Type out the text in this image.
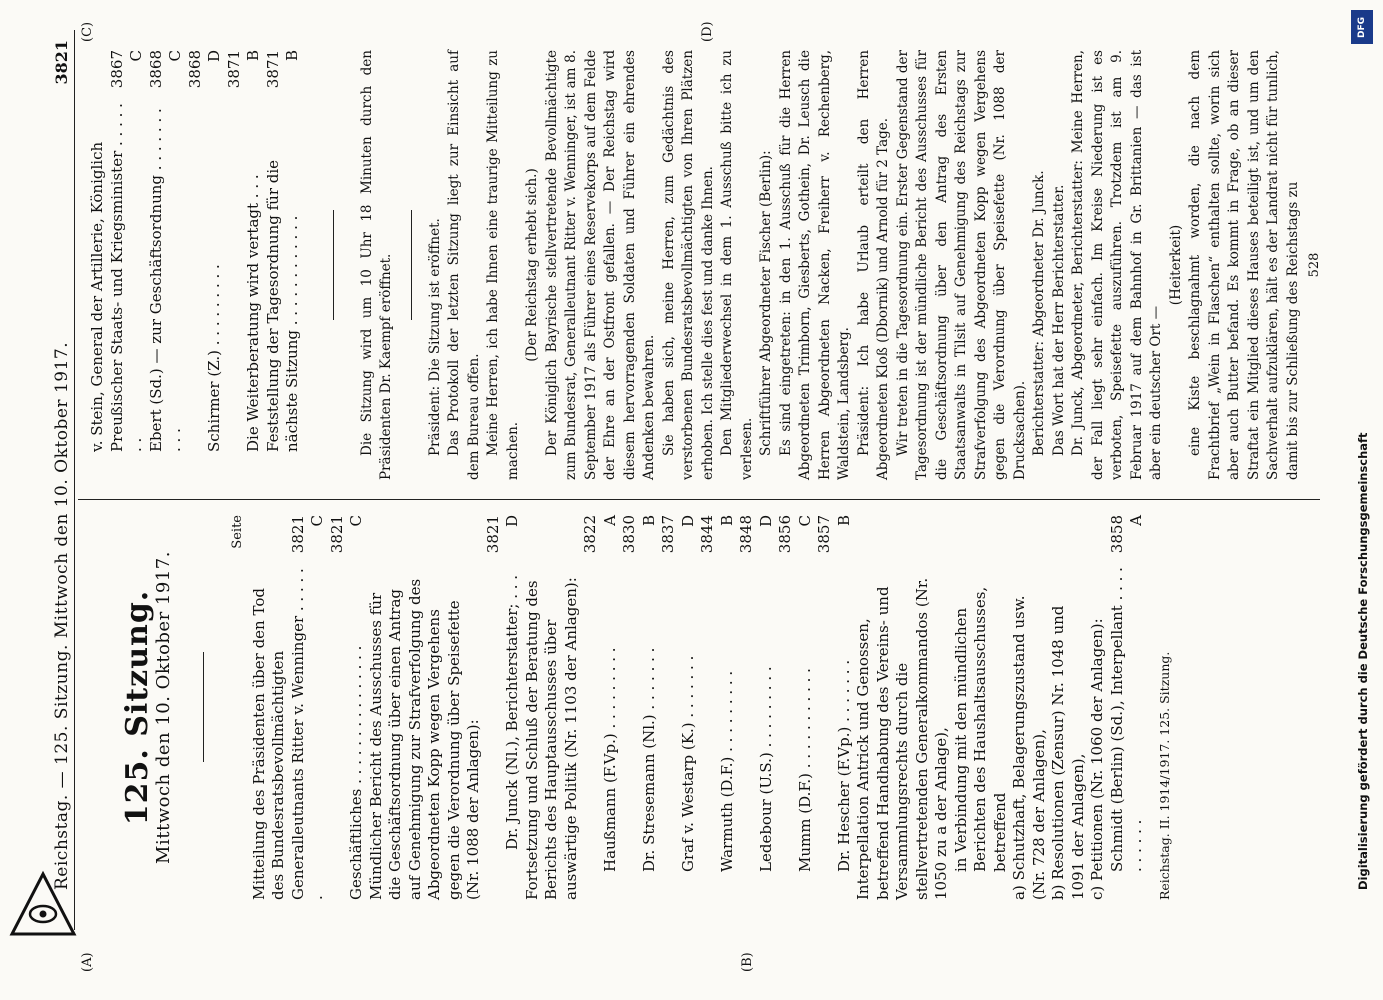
Reichstag. — 125. Sitzung. Mittwoch den 10. Oktober 1917.
3821
(A)	(B)
(C)	(D)
125. Sitzung.
Mittwoch den 10. Oktober 1917.
Seite
Mitteilung des Präsidenten über den Tod des Bundesratsbevollmächtigten Generalleutnants Ritter v. Wenninger . . . . . .
3821 C
Geschäftliches . . . . . . . . . . . . . . .
3821 C
Mündlicher Bericht des Ausschusses für die Geschäftsordnung über einen Antrag auf Genehmigung zur Strafverfolgung des Abgeordneten Kopp wegen Vergehens gegen die Verordnung über Speisefette (Nr. 1088 der Anlagen): Dr. Junck (Nl.), Berichterstatter; . . .
3821 D
Fortsetzung und Schluß der Beratung des Berichts des Hauptausschusses über auswärtige Politik (Nr. 1103 der Anlagen): Haußmann (F.Vp.) . . . . . . . . .
3822 A
Dr. Stresemann (Nl.) . . . . . . .
3830 B
Graf v. Westarp (K.) . . . . . . .
3837 D
Warmuth (D.F.) . . . . . . . . .
3844 B
Ledebour (U.S.) . . . . . . . . .
3848 D
Mumm (D.F.) . . . . . . . . . . .
3856 C
Dr. Hescher (F.Vp.) . . . . . . .
3857 B
Interpellation Antrick und Genossen, betreffend Handhabung des Vereins- und Versammlungsrechts durch die stellvertretenden Generalkommandos (Nr. 1050 zu a der Anlage), in Verbindung mit den mündlichen Berichten des Haushaltsausschusses, betreffend a) Schutzhaft, Belagerungszustand usw. (Nr. 728 der Anlagen), b) Resolutionen (Zensur) Nr. 1048 und 1091 der Anlagen), c) Petitionen (Nr. 1060 der Anlagen): Schmidt (Berlin) (Sd.), Interpellant . . . . . . . . . .
3858 A
Reichstag. II. 1914/1917. 125. Sitzung.
v. Stein, General der Artillerie, Königlich Preußischer Staats- und Kriegsminister . . . . . . .
3867 C
Ebert (Sd.) — zur Geschäftsordnung . . . . . . . . . .
3868 C
Schirmer (Z.) . . . . . . . . .
3868 D
Die Weiterberatung wird vertagt . . .
3871 B
Feststellung der Tagesordnung für die nächste Sitzung . . . . . . . . . . . .
3871 B	Die Sitzung wird um 10 Uhr 18 Minuten durch den Präsidenten Dr. Kaempf eröffnet. Präsident: Die Sitzung ist eröffnet. Das Protokoll der letzten Sitzung liegt zur Einsicht auf dem Bureau offen. Meine Herren, ich habe Ihnen eine traurige Mitteilung zu machen.
(Der Reichstag erhebt sich.) Der Königlich Bayrische stellvertretende Bevollmächtigte zum Bundesrat, Generalleutnant Ritter v. Wenninger, ist am 8. September 1917 als Führer eines Reservekorps auf dem Felde der Ehre an der Ostfront gefallen. — Der Reichstag wird diesem hervorragenden Soldaten und Führer ein ehrendes Andenken bewahren. Sie haben sich, meine Herren, zum Gedächtnis des verstorbenen Bundesratsbevollmächtigten von Ihren Plätzen erhoben. Ich stelle dies fest und danke Ihnen. Den Mitgliederwechsel in dem 1. Ausschuß bitte ich zu verlesen. Schriftführer Abgeordneter Fischer (Berlin): Es sind eingetreten: in den 1. Ausschuß für die Herren Abgeordneten Trimborn, Giesberts, Gothein, Dr. Leusch die Herren Abgeordneten Nacken, Freiherr v. Rechenberg, Waldstein, Landsberg. Präsident: Ich habe Urlaub erteilt den Herren Abgeordneten Kloß (Dbornik) und Arnold für 2 Tage. Wir treten in die Tagesordnung ein. Erster Gegenstand der Tagesordnung ist der mündliche Bericht des Ausschusses für die Geschäftsordnung über den Antrag des Ersten Staatsanwalts in Tilsit auf Genehmigung des Reichstags zur Strafverfolgung des Abgeordneten Kopp wegen Vergehens gegen die Verordnung über Speisefette (Nr. 1088 der Drucksachen). Berichterstatter: Abgeordneter Dr. Junck. Das Wort hat der Herr Berichterstatter. Dr. Junck, Abgeordneter, Berichterstatter: Meine Herren, der Fall liegt sehr einfach. Im Kreise Niederung ist es verboten, Speisefette auszuführen. Trotzdem ist am 9. Februar 1917 auf dem Bahnhof in Gr. Brittanien — das ist aber ein deutscher Ort —
(Heiterkeit) eine Kiste beschlagnahmt worden, die nach dem Frachtbrief „Wein in Flaschen“ enthalten sollte, worin sich aber auch Butter befand. Es kommt in Frage, ob an dieser Straftat ein Mitglied dieses Hauses beteiligt ist, und um den Sachverhalt aufzuklären, hält es der Landrat nicht für tunlich, damit bis zur Schließung des Reichstags zu 528
DFG
Digitalisierung gefördert durch die Deutsche Forschungsgemeinschaft
